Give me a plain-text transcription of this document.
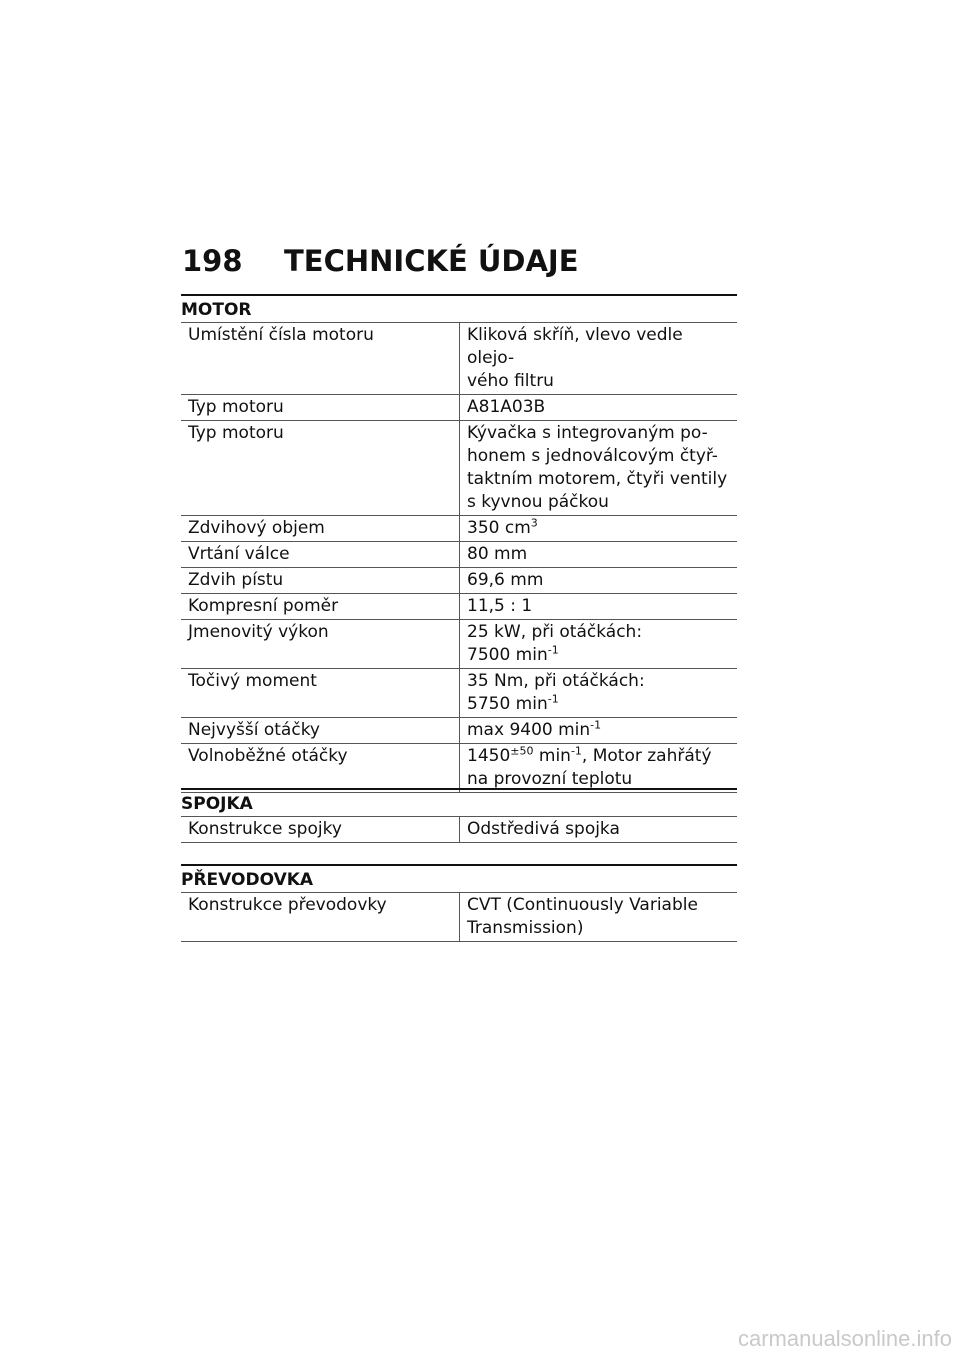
198	TECHNICKÉ ÚDAJE
MOTOR
Umístění čísla motoru	Kliková skříň, vlevo vedle olejo-
vého filtru
Typ motoru	A81A03B
Typ motoru	Kývačka s integrovaným po-
honem s jednoválcovým čtyř-
taktním motorem, čtyři ventily
s kyvnou páčkou
Zdvihový objem	350 $cm^3$
Vrtání válce	80 mm
Zdvih pístu	69,6 mm
Kompresní poměr	11,5 : 1
Jmenovitý výkon	25 kW, při otáčkách:
7500 $\min^{-1}$
Točivý moment	35 Nm, při otáčkách:
5750 $\min^{-1}$
Nejvyšší otáčky	max 9400 $\min^{-1}$
Volnoběžné otáčky	$1450^{\pm 50}$ $\min^{-1}$, Motor zahřátý
na provozní teplotu
SPOJKA
Konstrukce spojky	Odstředivá spojka
PŘEVODOVKA
Konstrukce převodovky	CVT (Continuously Variable
Transmission)
carmanualsonline.info
